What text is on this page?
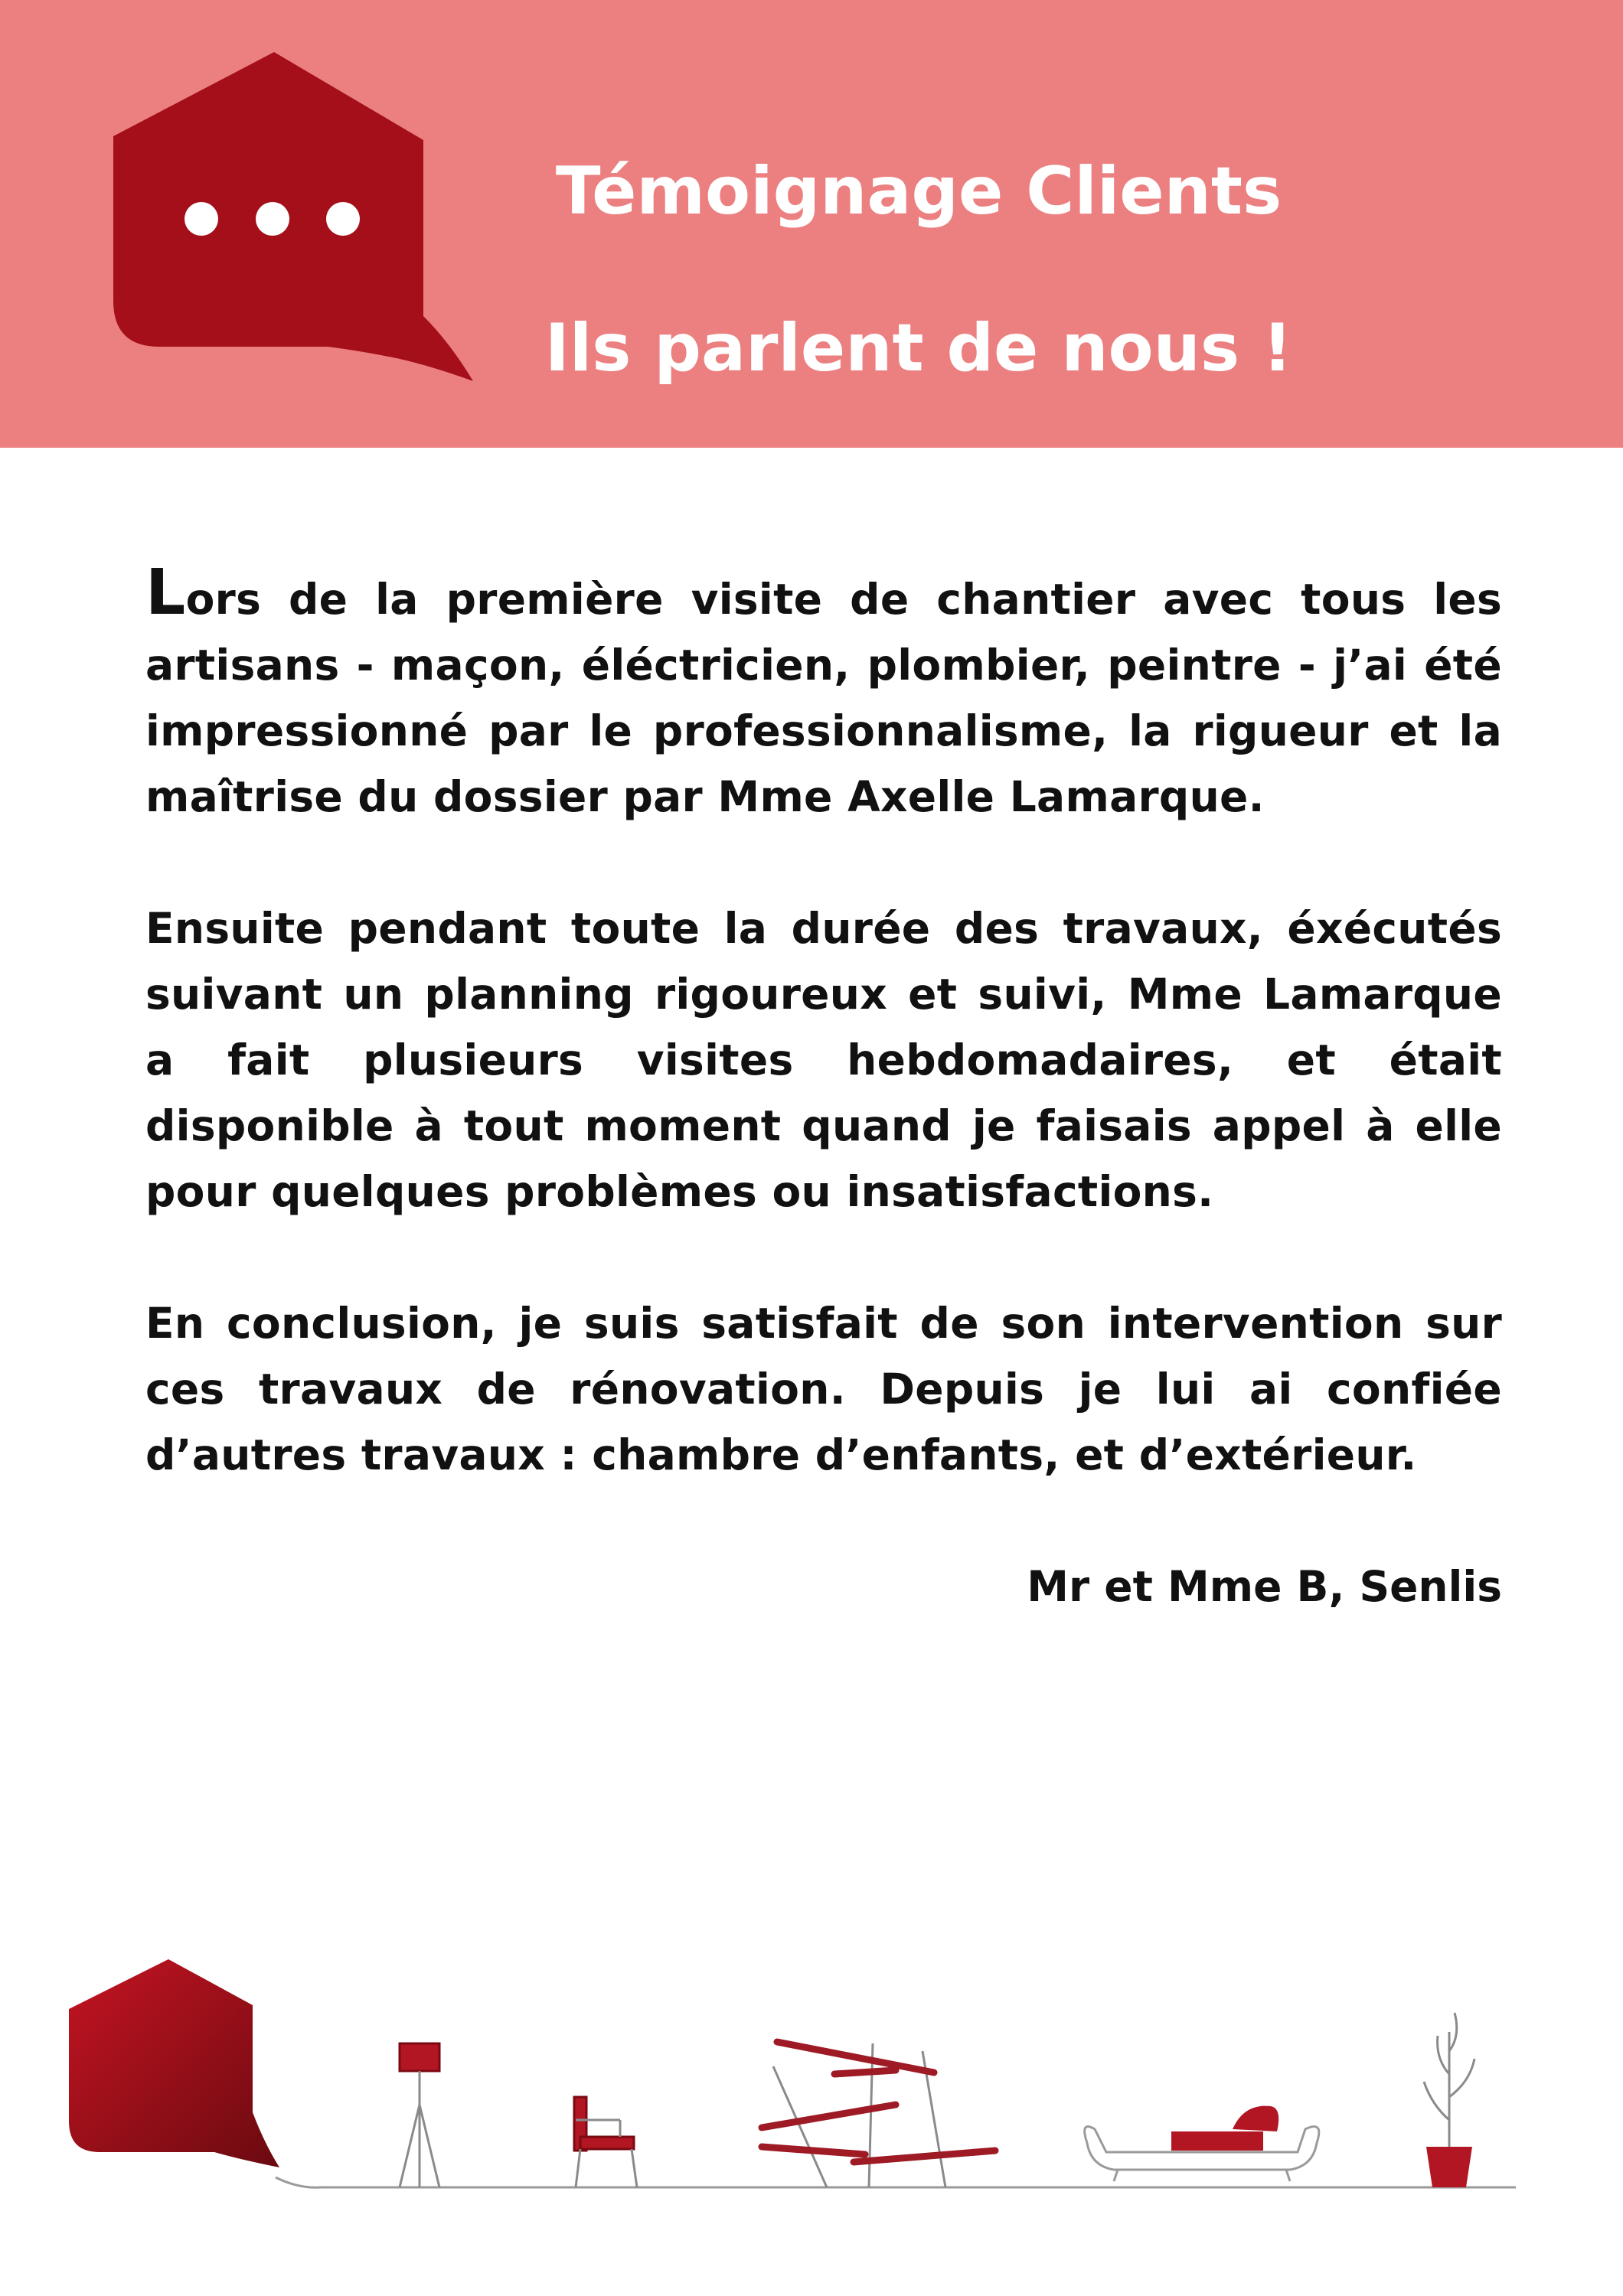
Témoignage Clients
Ils parlent de nous !

Lors de la première visite de chantier avec tous les artisans - maçon, éléctricien, plombier, peintre - j’ai été impressionné par le professionnalisme, la rigueur et la maîtrise du dossier par Mme Axelle Lamarque.

Ensuite pendant toute la durée des travaux, éxécutés suivant un planning rigoureux et suivi, Mme Lamarque a fait plusieurs visites hebdomadaires, et était disponible à tout moment quand je faisais appel à elle pour quelques problèmes ou insatisfactions.

En conclusion, je suis satisfait de son intervention sur ces travaux de rénovation. Depuis je lui ai confiée d’autres travaux : chambre d’enfants, et d’extérieur.

Mr et Mme B, Senlis
